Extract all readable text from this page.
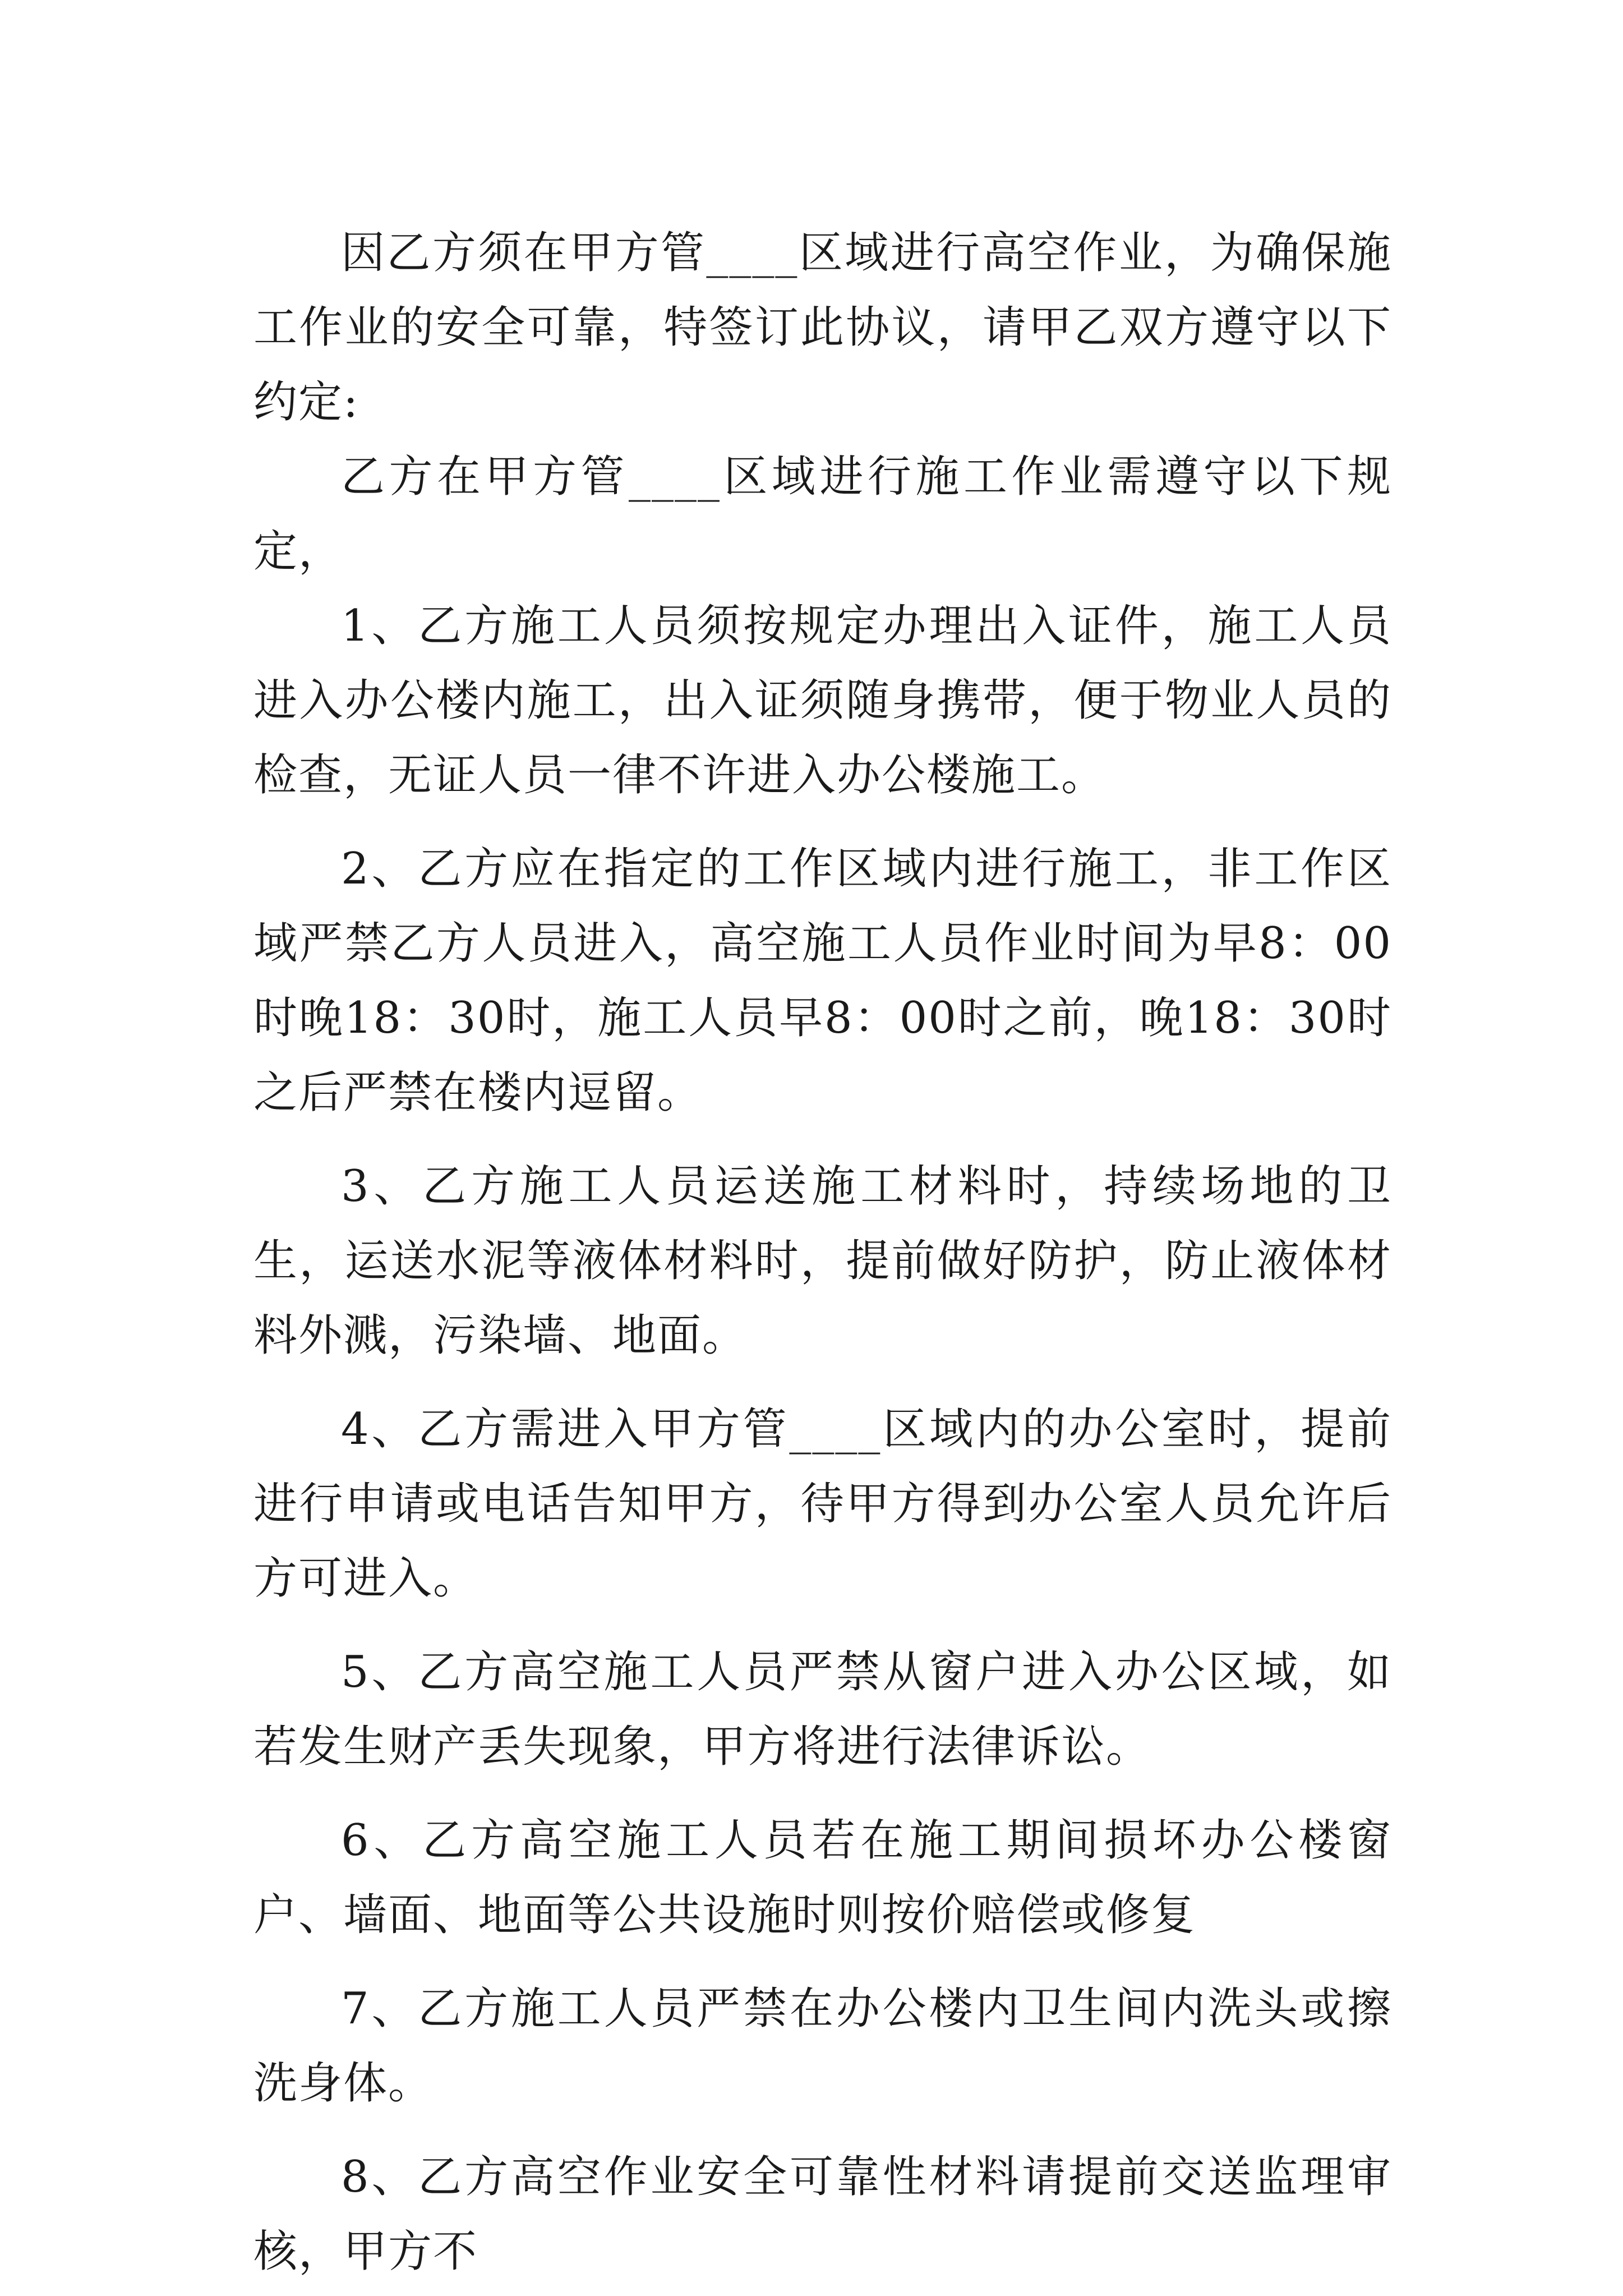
因乙方须在甲方管____区域进行高空作业，为确保施工作业的安全可靠，特签订此协议，请甲乙双方遵守以下约定:

乙方在甲方管____区域进行施工作业需遵守以下规定，

1、乙方施工人员须按规定办理出入证件，施工人员进入办公楼内施工，出入证须随身携带，便于物业人员的检查，无证人员一律不许进入办公楼施工。

2、乙方应在指定的工作区域内进行施工，非工作区域严禁乙方人员进入，高空施工人员作业时间为早8：00时晚18：30时，施工人员早8：00时之前，晚18：30时之后严禁在楼内逗留。

3、乙方施工人员运送施工材料时，持续场地的卫生，运送水泥等液体材料时，提前做好防护，防止液体材料外溅，污染墙、地面。

4、乙方需进入甲方管____区域内的办公室时，提前进行申请或电话告知甲方，待甲方得到办公室人员允许后方可进入。

5、乙方高空施工人员严禁从窗户进入办公区域，如若发生财产丢失现象，甲方将进行法律诉讼。

6、乙方高空施工人员若在施工期间损坏办公楼窗户、墙面、地面等公共设施时则按价赔偿或修复

7、乙方施工人员严禁在办公楼内卫生间内洗头或擦洗身体。

8、乙方高空作业安全可靠性材料请提前交送监理审核，甲方不
